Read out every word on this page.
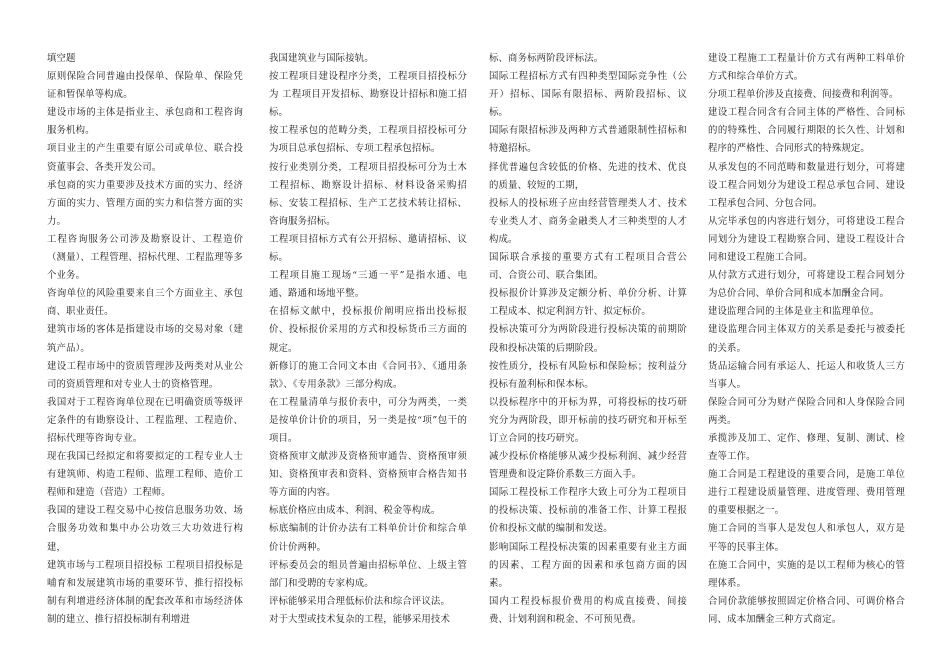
填空题

原则保险合同普遍由投保单、保险单、保险凭证和暂保单等构成。

建设市场的主体是指业主、承包商和工程咨询服务机构。

项目业主的产生重要有原公司或单位、联合投资董事会、各类开发公司。

承包商的实力重要涉及技术方面的实力、经济方面的实力、管理方面的实力和信誉方面的实力。

工程咨询服务公司涉及勘察设计、工程造价（测量）、工程管理、招标代理、工程监理等多个业务。

咨询单位的风险重要来自三个方面业主、承包商、职业责任。

建筑市场的客体是指建设市场的交易对象（建筑产品）。

建设工程市场中的资质管理涉及两类对从业公司的资质管理和对专业人士的资格管理。

我国对于工程咨询单位现在已明确资质等级评定条件的有勘察设计、工程监理、工程造价、招标代理等咨询专业。

现在我国已经拟定和将要拟定的工程专业人士有建筑师、构造工程师、监理工程师、造价工程师和建造（营造）工程师。

我国的建设工程交易中心按信息服务功效、场合服务功效和集中办公功效三大功效进行构建，

建筑市场与工程项目招投标 工程项目招投标是哺育和发展建筑市场的重要环节、推行招投标制有利增进经济体制的配套改革和市场经济体制的建立、推行招投标制有利增进

我国建筑业与国际接轨。

按工程项目建设程序分类，工程项目招投标分为 工程项目开发招标、勘察设计招标和施工招标。

按工程承包的范畴分类，工程项目招投标可分为项目总承包招标、专项工程承包招标。

按行业类别分类，工程项目招投标可分为土木工程招标、勘察设计招标、材料设备采购招标、安装工程招标、生产工艺技术转让招标、咨询服务招标。

工程项目招标方式有公开招标、邀请招标、议标。

工程项目施工现场“三通一平”是指水通、电通、路通和场地平整。

在招标文献中，投标报价阐明应指出投标报价、投标报价采用的方式和投标货币三方面的规定。

新修订的施工合同文本由《合同书》、《通用条款》、《专用条款》三部分构成。

在工程量清单与报价表中，可分为两类，一类是按单价计价的项目，另一类是按“项”包干的项目。

资格预审文献涉及资格预审通告、资格预审须知、资格预审表和资料、资格预审合格告知书等方面的内容。

标底价格应由成本、利润、税金等构成。

标底编制的计价办法有工料单价计价和综合单价计价两种。

评标委员会的组员普遍由招标单位、上级主管部门和受聘的专家构成。

评标能够采用合理低标价法和综合评议法。

对于大型或技术复杂的工程，能够采用技术

标、商务标两阶段评标法。

国际工程招标方式有四种类型国际竞争性（公开）招标、国际有限招标、两阶段招标、议标。

国际有限招标涉及两种方式普通限制性招标和特邀招标。

择优普遍包含较低的价格、先进的技术、优良的质量、较短的工期，

投标人的投标班子应由经营管理类人才、技术专业类人才、商务金融类人才三种类型的人才构成。

国际联合承接的重要方式有工程项目合营公司、合资公司、联合集团。

投标报价计算涉及定额分析、单价分析、计算工程成本、拟定利润方针、拟定标价。

投标决策可分为两阶段进行投标决策的前期阶段和投标决策的后期阶段。

按性质分，投标有风险标和保险标；按利益分投标有盈利标和保本标。

以投标程序中的开标为界，可将投标的技巧研究分为两阶段，即开标前的技巧研究和开标至订立合同的技巧研究。

减少投标价格能够从减少投标利润、减少经营管理费和设定降价系数三方面入手。

国际工程投标工作程序大致上可分为工程项目的投标决策、投标前的准备工作、计算工程报价和投标文献的编制和发送。

影响国际工程投标决策的因素重要有业主方面的因素、工程方面的因素和承包商方面的因素。

国内工程投标报价费用的构成直接费、间接费、计划利润和税金、不可预见费。

建设工程施工工程量计价方式有两种工料单价方式和综合单价方式。

分项工程单价涉及直接费、间接费和利润等。

建设工程合同含有合同主体的严格性、合同标的的特殊性、合同履行期限的长久性、计划和程序的严格性、合同形式的特殊规定。

从承发包的不同范畴和数量进行划分，可将建设工程合同划分为建设工程总承包合同、建设工程承包合同、分包合同。

从完毕承包的内容进行划分，可将建设工程合同划分为建设工程勘察合同、建设工程设计合同和建设工程施工合同。

从付款方式进行划分，可将建设工程合同划分为总价合同、单价合同和成本加酬金合同。

建设监理合同的主体是业主和监理单位。

建设监理合同主体双方的关系是委托与被委托的关系。

货品运输合同有承运人、托运人和收货人三方当事人。

保险合同可分为财产保险合同和人身保险合同两类。

承揽涉及加工、定作、修理、复制、测试、检查等工作。

施工合同是工程建设的重要合同，是施工单位进行工程建设质量管理、进度管理、费用管理的重要根据之一。

施工合同的当事人是发包人和承包人，双方是平等的民事主体。

在施工合同中，实施的是以工程师为核心的管理体系。

合同价款能够按照固定价格合同、可调价格合同、成本加酬金三种方式商定。
